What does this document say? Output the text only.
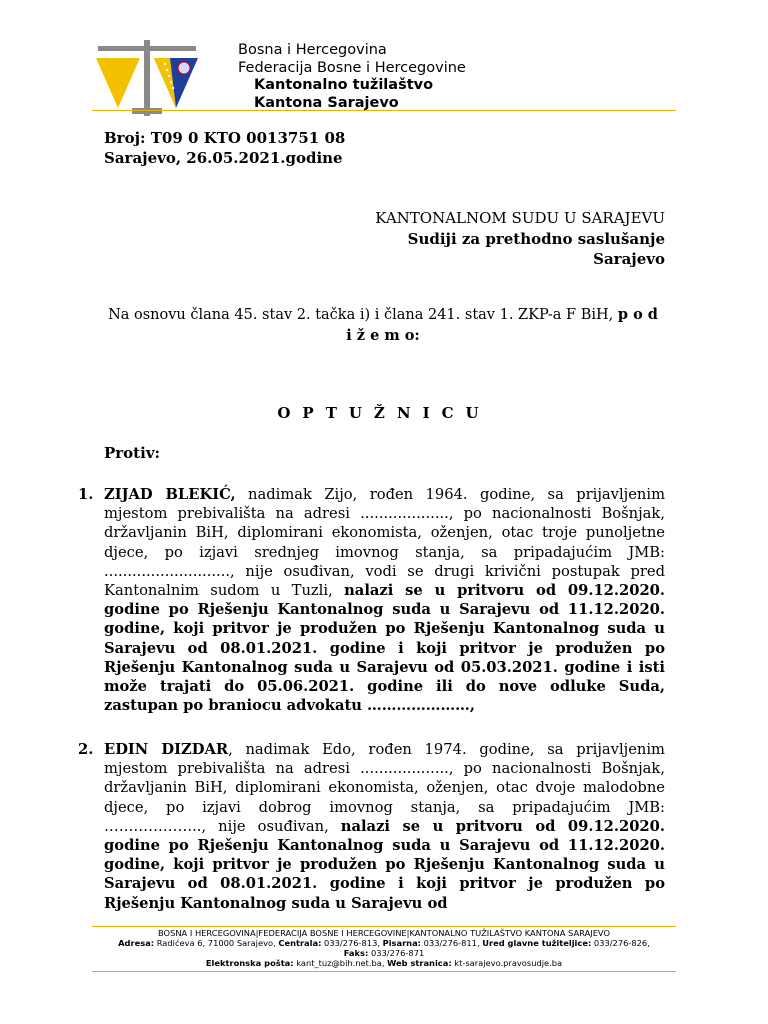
Bosna i Hercegovina
Federacija Bosne i Hercegovine
Kantonalno tužilaštvo
Kantona Sarajevo
Broj: T09 0 KTO 0013751 08
Sarajevo, 26.05.2021.godine
KANTONALNOM SUDU U SARAJEVU
Sudiji za prethodno saslušanje
Sarajevo
Na osnovu člana 45. stav 2. tačka i) i člana 241. stav 1. ZKP-a F BiH, p o d i ž e m o:
OPTUŽNICU
Protiv:
1. ZIJAD BLEKIĆ, nadimak Zijo, rođen 1964. godine, sa prijavljenim mjestom prebivališta na adresi ..................., po nacionalnosti Bošnjak, državljanin BiH, diplomirani ekonomista, oženjen, otac troje punoljetne djece, po izjavi srednjeg imovnog stanja, sa pripadajućim JMB: ..........................., nije osuđivan, vodi se drugi krivični postupak pred Kantonalnim sudom u Tuzli, nalazi se u pritvoru od 09.12.2020. godine po Rješenju Kantonalnog suda u Sarajevu od 11.12.2020. godine, koji pritvor je produžen po Rješenju Kantonalnog suda u Sarajevu od 08.01.2021. godine i koji pritvor je produžen po Rješenju Kantonalnog suda u Sarajevu od 05.03.2021. godine i isti može trajati do 05.06.2021. godine ili do nove odluke Suda, zastupan po braniocu advokatu …………………,
2. EDIN DIZDAR, nadimak Edo, rođen 1974. godine, sa prijavljenim mjestom prebivališta na adresi ..................., po nacionalnosti Bošnjak, državljanin BiH, diplomirani ekonomista, oženjen, otac dvoje malodobne djece, po izjavi dobrog imovnog stanja, sa pripadajućim JMB: ……………….., nije osuđivan, nalazi se u pritvoru od 09.12.2020. godine po Rješenju Kantonalnog suda u Sarajevu od 11.12.2020. godine, koji pritvor je produžen po Rješenju Kantonalnog suda u Sarajevu od 08.01.2021. godine i koji pritvor je produžen po Rješenju Kantonalnog suda u Sarajevu od
BOSNA I HERCEGOVINA|FEDERACIJA BOSNE I HERCEGOVINE|KANTONALNO TUŽILAŠTVO KANTONA SARAJEVO
Adresa: Radićeva 6, 71000 Sarajevo, Centrala: 033/276-813, Pisarna: 033/276-811, Ured glavne tužiteljice: 033/276-826,
Faks: 033/276-871
Elektronska pošta: kant_tuz@bih.net.ba, Web stranica: kt-sarajevo.pravosudje.ba
